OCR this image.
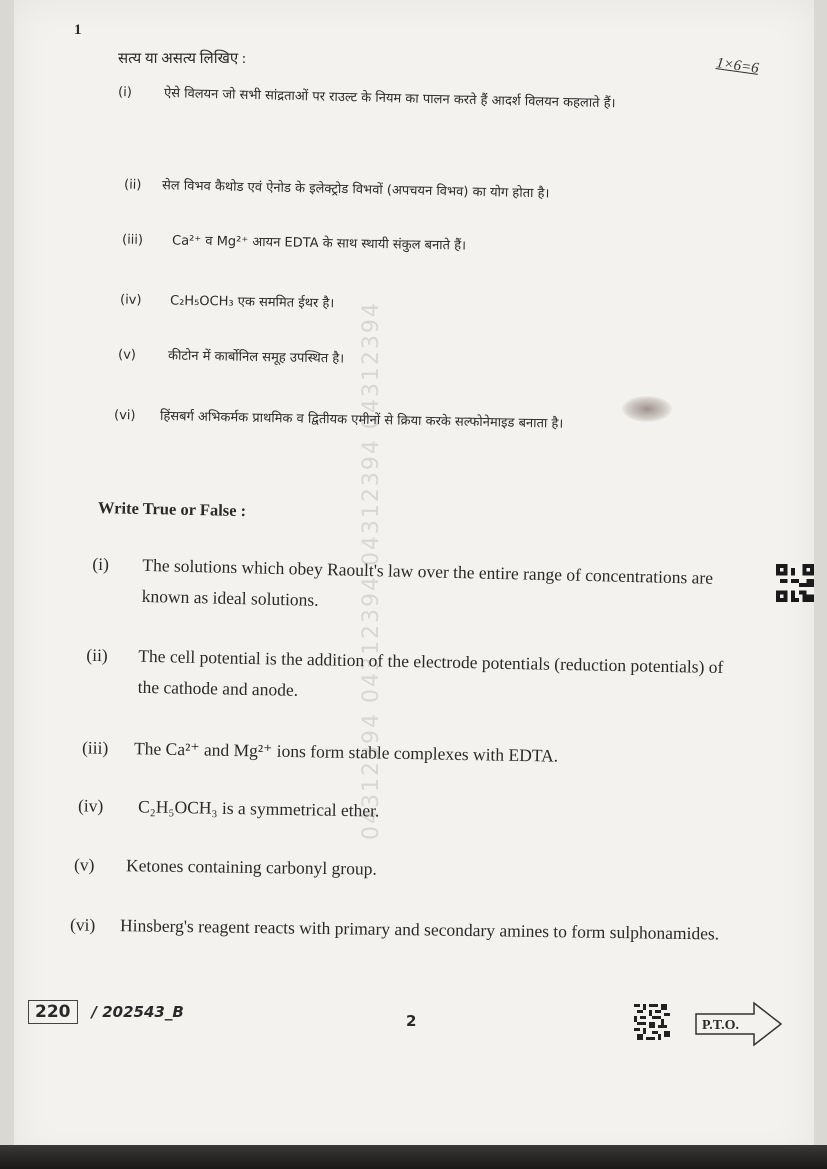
04312394 04312394 04312394 04312394
1
1×6=6
सत्य या असत्य लिखिए :
(i)	ऐसे विलयन जो सभी सांद्रताओं पर राउल्ट के नियम का पालन करते हैं आदर्श विलयन कहलाते हैं।
(ii)	सेल विभव कैथोड एवं ऐनोड के इलेक्ट्रोड विभवों (अपचयन विभव) का योग होता है।
(iii)	Ca²⁺ व Mg²⁺ आयन EDTA के साथ स्थायी संकुल बनाते हैं।
(iv)	C₂H₅OCH₃ एक सममित ईथर है।
(v)	कीटोन में कार्बोनिल समूह उपस्थित है।
(vi)	हिंसबर्ग अभिकर्मक प्राथमिक व द्वितीयक एमीनों से क्रिया करके सल्फोनेमाइड बनाता है।
Write True or False :
(i)	The solutions which obey Raoult's law over the entire range of concentrations are known as ideal solutions.
(ii)	The cell potential is the addition of the electrode potentials (reduction potentials) of the cathode and anode.
(iii)	The Ca²⁺ and Mg²⁺ ions form stable complexes with EDTA.
(iv)	C₂H₅OCH₃ is a symmetrical ether.
(v)	Ketones containing carbonyl group.
(vi)	Hinsberg's reagent reacts with primary and secondary amines to form sulphonamides.
220	/ 202543_B	2	P.T.O.
